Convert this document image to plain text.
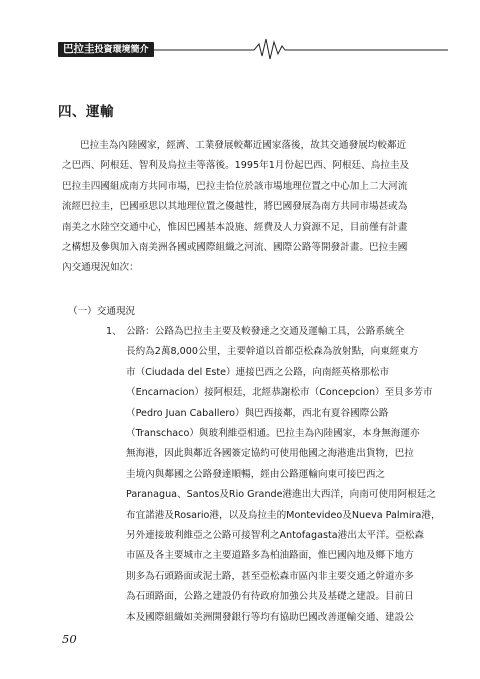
巴拉圭投資環境簡介
四、運輸
巴拉圭為內陸國家，經濟、工業發展較鄰近國家落後，故其交通發展均較鄰近
之巴西、阿根廷、智利及烏拉圭等落後。1995年1月份起巴西、阿根廷、烏拉圭及
巴拉圭四國組成南方共同市場，巴拉圭恰位於該市場地理位置之中心加上二大河流
流經巴拉圭，巴國亟思以其地理位置之優越性，將巴國發展為南方共同市場甚或為
南美之水陸空交通中心，惟因巴國基本設施、經費及人力資源不足，目前僅有計畫
之構想及參與加入南美洲各國或國際組織之河流、國際公路等開發計畫。巴拉圭國
內交通現況如次：
（一）交通現況
1、 公路：公路為巴拉圭主要及較發達之交通及運輸工具，公路系統全
長約為2萬8,000公里，主要幹道以首都亞松森為放射點，向東經東方
市（Ciudada del Este）連接巴西之公路，向南經英格那松市
（Encarnacion）接阿根廷，北經恭謝松市（Concepcion）至貝多芳市
（Pedro Juan Caballero）與巴西接鄰，西北有夏谷國際公路
（Transchaco）與玻利維亞相通。巴拉圭為內陸國家，本身無海運亦
無海港，因此與鄰近各國簽定協約可使用他國之海港進出貨物，巴拉
圭境內與鄰國之公路發達順暢，經由公路運輸向東可接巴西之
Paranagua、Santos及Rio Grande港進出大西洋，向南可使用阿根廷之
布宜諾港及Rosario港，以及烏拉圭的Montevideo及Nueva Palmira港，
另外連接玻利維亞之公路可接智利之Antofagasta港出太平洋。亞松森
市區及各主要城市之主要道路多為柏油路面，惟巴國內地及鄉下地方
則多為石頭路面或泥土路，甚至亞松森市區內非主要交通之幹道亦多
為石頭路面，公路之建設仍有待政府加強公共及基礎之建設。目前日
本及國際組織如美洲開發銀行等均有協助巴國改善運輸交通、建設公
50
